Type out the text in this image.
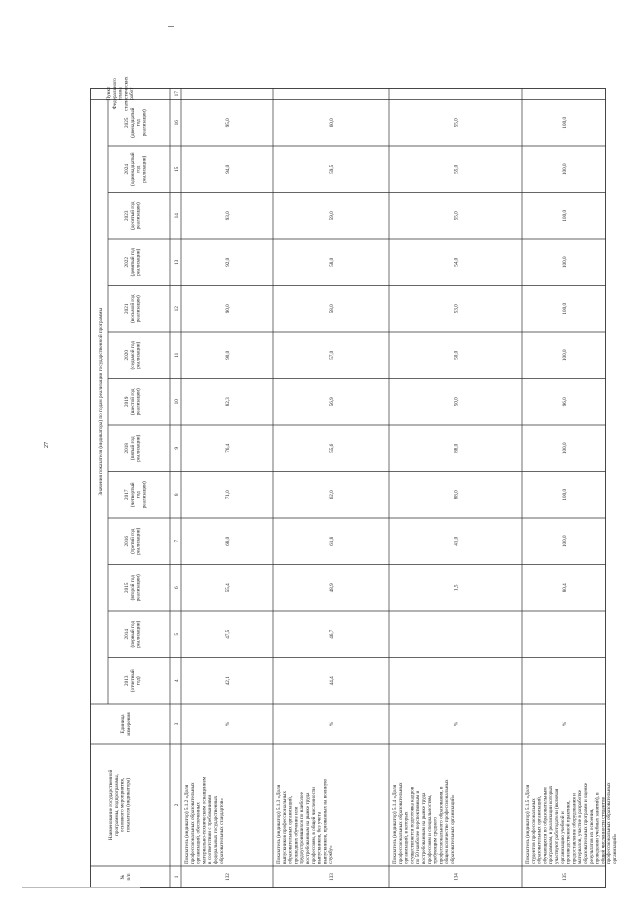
27
№п/п
Наименование государственнойпрограммы, подпрограммы,основного мероприятия,показателя (индикатора)
Единицаизмерения
Значения показателя (индикатора) по годам реализации государственной программы
ПунктФедеральногопланастатистическихработ
2013(отчетныйгод)
2014(первый годреализации)
2015(второй годреализации)
2016(третий годреализации)
2017(четвертыйгодреализации)
2018(пятый годреализации)
2019(шестой годреализации)
2020(седьмой годреализации)
2021(восьмой годреализации)
2022(девятый годреализации)
2023(десятый годреализации)
2024(одиннадцатыйгодреализации)
2025(двенадцатыйгодреализации)
1
2
3
4
5
6
7
8
9
10
11
12
13
14
15
16
17
132
Показатель (индикатор) 5.1.2 «Доляпрофессиональных образовательныхорганизаций, обеспеченныхматериально-техническим оснащениемв соответствии с требованиямифедеральных государственныхобразовательных стандартов»
%
42,1
47,5
55,4
68,0
71,0
76,4
82,3
90,0
90,0
92,0
93,0
94,0
95,0
133
Показатель (индикатор) 5.1.3 «Долявыпускников профессиональныхобразовательных организаций,прошедших обучение илитрудоустроившихся по наиболеевостребованным на рынке трудапрофессиям, в общей численностивыпускников, без учетавыпускников, призванных на военнуюслужбу»
%
44,4
46,7
48,9
61,8
62,0
55,6
56,9
57,0
58,0
58,0
59,0
59,5
60,0
134
Показатель (индикатор) 5.1.4 «Доляпрофессиональных образовательныхорганизаций, в которыхосуществляется подготовка кадровпо 50 наиболее перспективным ивостребованным на рынке трудапрофессиям и специальностям,требующим среднегопрофессионального образования, вобщем количестве профессиональныхобразовательных организаций»
%
1,5
41,0
88,0
88,0
50,0
50,0
53,0
54,0
55,0
55,0
55,0
135
Показатель (индикатор) 5.1.5 «Долястудентов профессиональныхобразовательных организаций,обучающихся по образовательнымпрограммам, в реализации которыхучаствуют работодатели (включаяорганизацию учебной ипроизводственной практики,предоставление оборудования иматериалов, участие в разработкеобразовательных программ и оценкерезультатов их освоения,проведении учебных занятий), вобщей численности студентовпрофессиональных образовательныхорганизаций»
%
80,4
100,0
100,0
100,0
96,0
100,0
100,0
100,0
100,0
100,0
100,0
